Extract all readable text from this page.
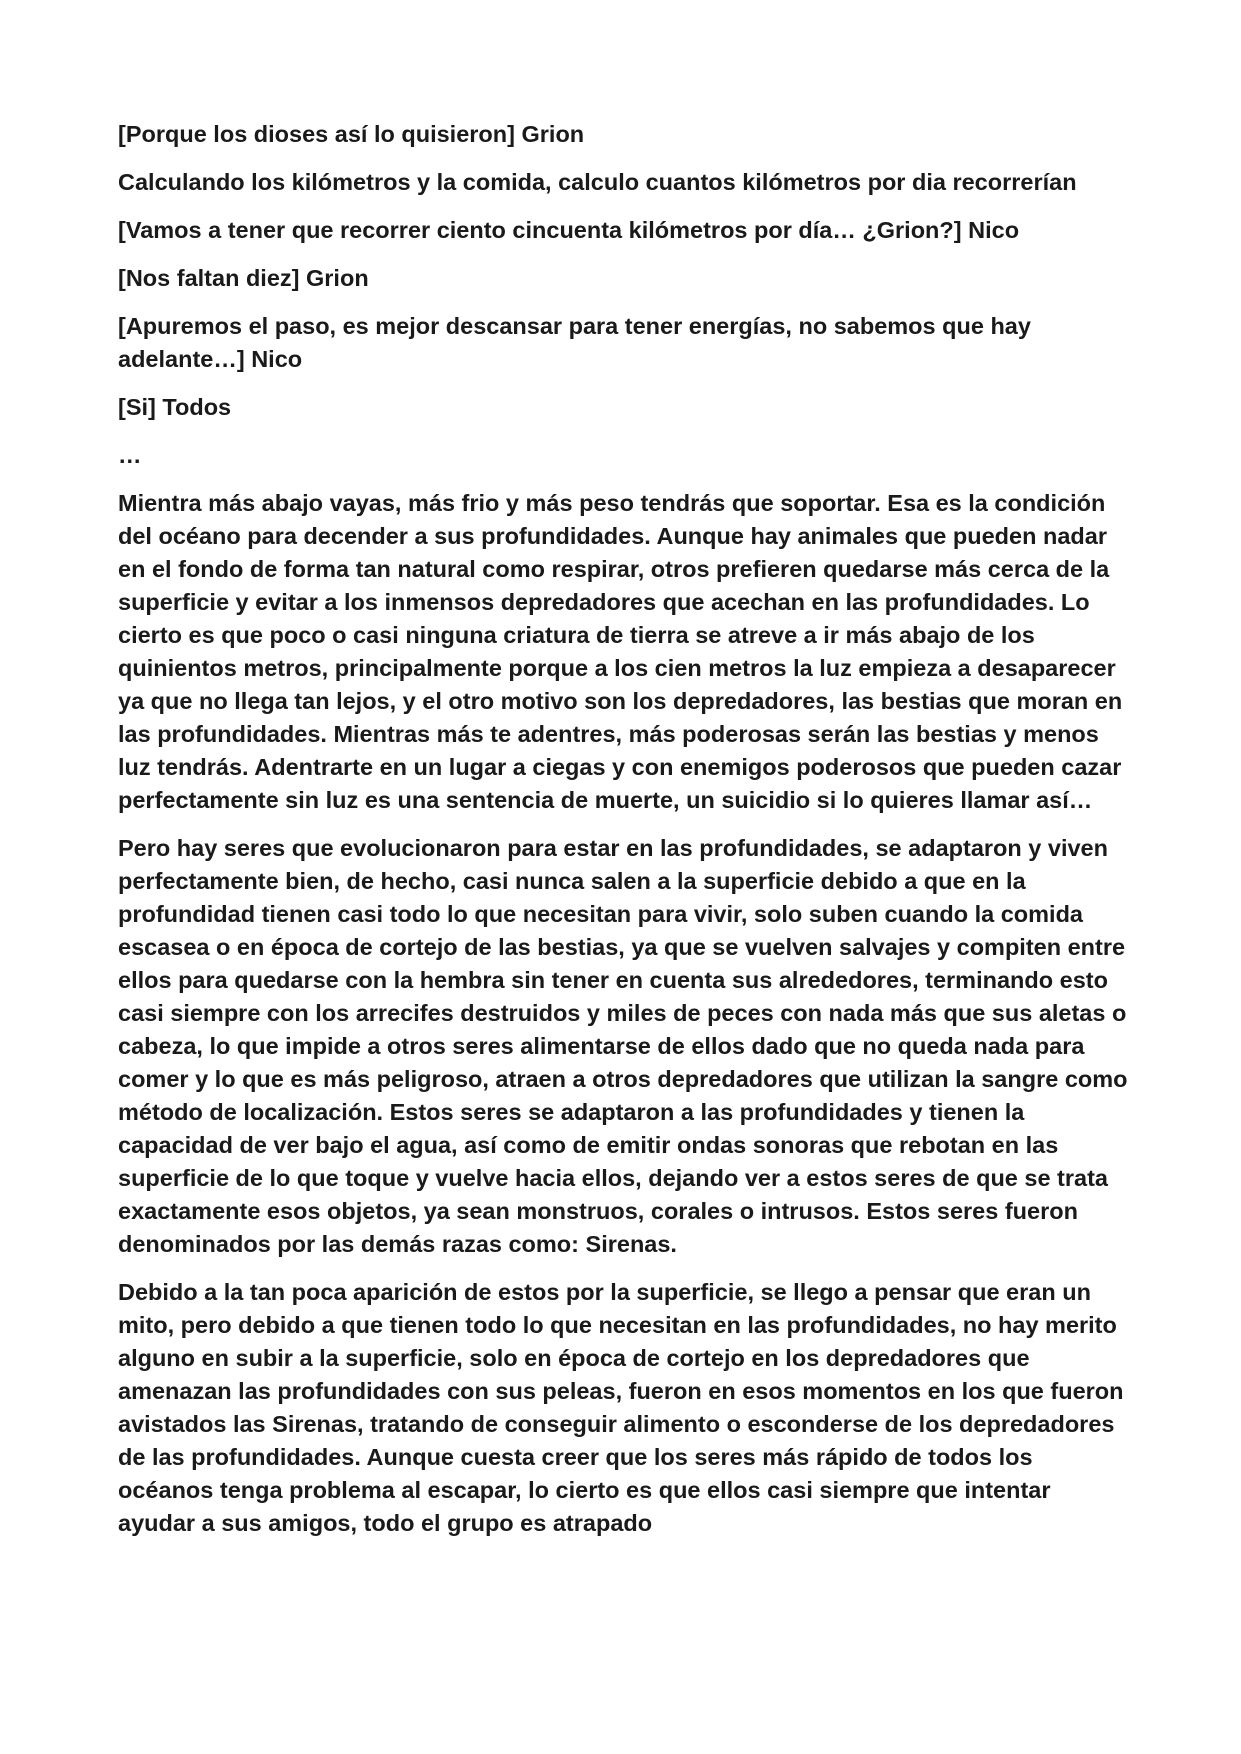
[Porque los dioses así lo quisieron] Grion

Calculando los kilómetros y la comida, calculo cuantos kilómetros por dia recorrerían

[Vamos a tener que recorrer ciento cincuenta kilómetros por día… ¿Grion?] Nico

[Nos faltan diez] Grion

[Apuremos el paso, es mejor descansar para tener energías, no sabemos que hay adelante…] Nico

[Si] Todos

…

Mientra más abajo vayas, más frio y más peso tendrás que soportar. Esa es la condición del océano para decender a sus profundidades. Aunque hay animales que pueden nadar en el fondo de forma tan natural como respirar, otros prefieren quedarse más cerca de la superficie y evitar a los inmensos depredadores que acechan en las profundidades. Lo cierto es que poco o casi ninguna criatura de tierra se atreve a ir más abajo de los quinientos metros, principalmente porque a los cien metros la luz empieza a desaparecer ya que no llega tan lejos, y el otro motivo son los depredadores, las bestias que moran en las profundidades. Mientras más te adentres, más poderosas serán las bestias y menos luz tendrás. Adentrarte en un lugar a ciegas y con enemigos poderosos que pueden cazar perfectamente sin luz es una sentencia de muerte, un suicidio si lo quieres llamar así…

Pero hay seres que evolucionaron para estar en las profundidades, se adaptaron y viven perfectamente bien, de hecho, casi nunca salen a la superficie debido a que en la profundidad tienen casi todo lo que necesitan para vivir, solo suben cuando la comida escasea o en época de cortejo de las bestias, ya que se vuelven salvajes y compiten entre ellos para quedarse con la hembra sin tener en cuenta sus alrededores, terminando esto casi siempre con los arrecifes destruidos y miles de peces con nada más que sus aletas o cabeza, lo que impide a otros seres alimentarse de ellos dado que no queda nada para comer y lo que es más peligroso, atraen a otros depredadores que utilizan la sangre como método de localización. Estos seres se adaptaron a las profundidades y tienen la capacidad de ver bajo el agua, así como de emitir ondas sonoras que rebotan en las superficie de lo que toque y vuelve hacia ellos, dejando ver a estos seres de que se trata exactamente esos objetos, ya sean monstruos, corales o intrusos. Estos seres fueron denominados por las demás razas como: Sirenas.

Debido a la tan poca aparición de estos por la superficie, se llego a pensar que eran un mito, pero debido a que tienen todo lo que necesitan en las profundidades, no hay merito alguno en subir a la superficie, solo en época de cortejo en los depredadores que amenazan las profundidades con sus peleas, fueron en esos momentos en los que fueron avistados las Sirenas, tratando de conseguir alimento o esconderse de los depredadores de las profundidades. Aunque cuesta creer que los seres más rápido de todos los océanos tenga problema al escapar, lo cierto es que ellos casi siempre que intentar ayudar a sus amigos, todo el grupo es atrapado
